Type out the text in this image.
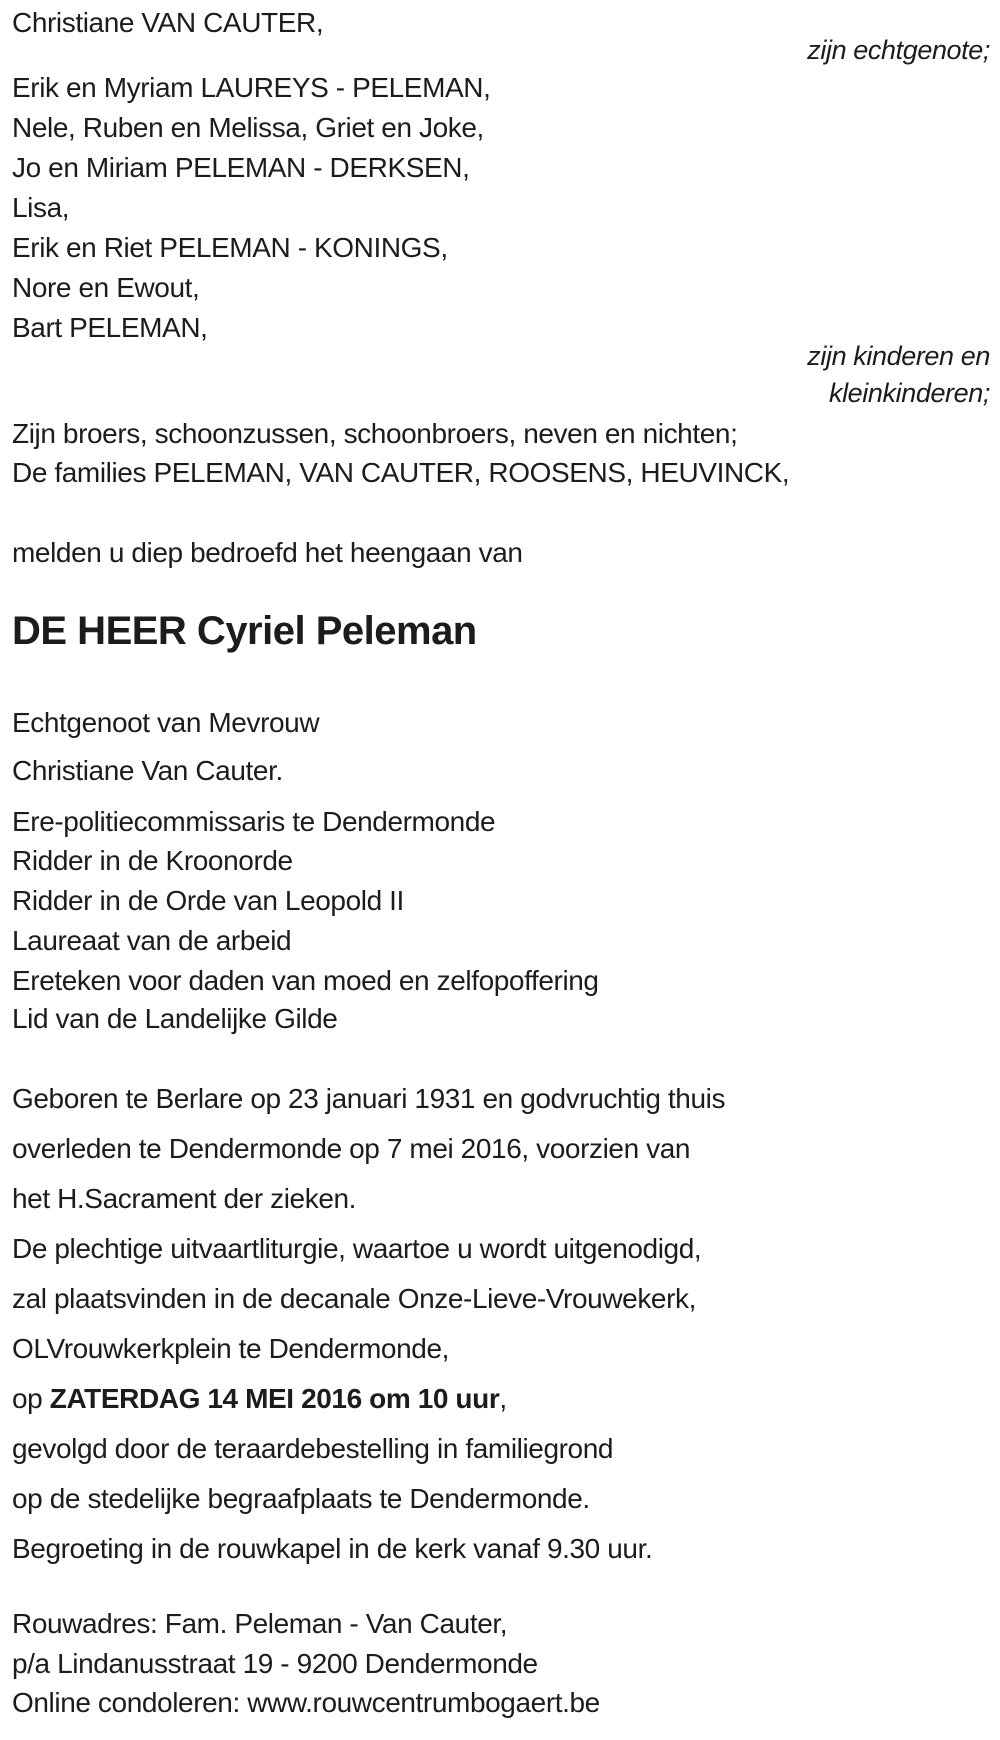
Christiane VAN CAUTER,
zijn echtgenote;
Erik en Myriam LAUREYS - PELEMAN,
Nele, Ruben en Melissa, Griet en Joke,
Jo en Miriam PELEMAN - DERKSEN,
Lisa,
Erik en Riet PELEMAN - KONINGS,
Nore en Ewout,
Bart PELEMAN,
zijn kinderen en
kleinkinderen;
Zijn broers, schoonzussen, schoonbroers, neven en nichten;
De families PELEMAN, VAN CAUTER, ROOSENS, HEUVINCK,
melden u diep bedroefd het heengaan van
DE HEER Cyriel Peleman
Echtgenoot van Mevrouw
Christiane Van Cauter.
Ere-politiecommissaris te Dendermonde
Ridder in de Kroonorde
Ridder in de Orde van Leopold II
Laureaat van de arbeid
Ereteken voor daden van moed en zelfopoffering
Lid van de Landelijke Gilde
Geboren te Berlare op 23 januari 1931 en godvruchtig thuis
overleden te Dendermonde op 7 mei 2016, voorzien van
het H.Sacrament der zieken.
De plechtige uitvaartliturgie, waartoe u wordt uitgenodigd,
zal plaatsvinden in de decanale Onze-Lieve-Vrouwekerk,
OLVrouwkerkplein te Dendermonde,
op ZATERDAG 14 MEI 2016 om 10 uur,
gevolgd door de teraardebestelling in familiegrond
op de stedelijke begraafplaats te Dendermonde.
Begroeting in de rouwkapel in de kerk vanaf 9.30 uur.
Rouwadres: Fam. Peleman - Van Cauter,
p/a Lindanusstraat 19 - 9200 Dendermonde
Online condoleren: www.rouwcentrumbogaert.be
